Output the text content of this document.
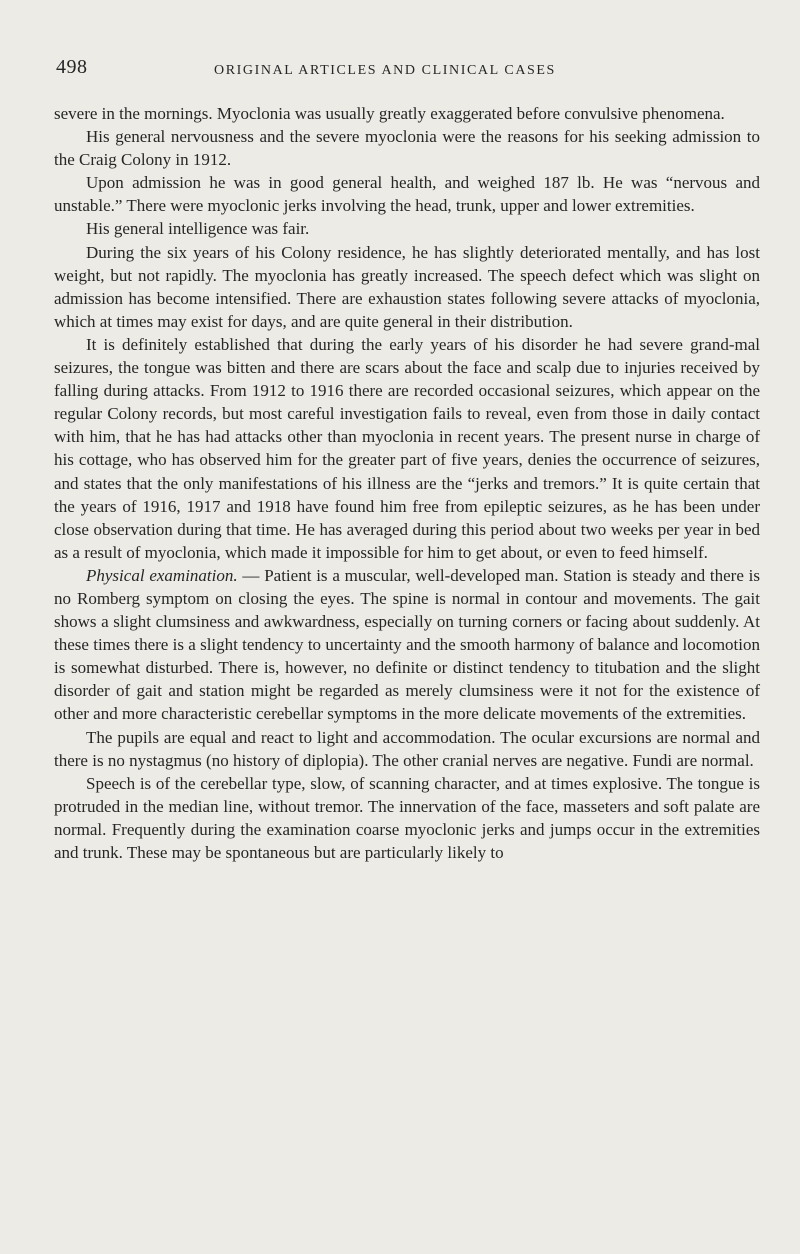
498	ORIGINAL ARTICLES AND CLINICAL CASES

severe in the mornings. Myoclonia was usually greatly exaggerated before convulsive phenomena.

His general nervousness and the severe myoclonia were the reasons for his seeking admission to the Craig Colony in 1912.

Upon admission he was in good general health, and weighed 187 lb. He was “nervous and unstable.” There were myoclonic jerks involving the head, trunk, upper and lower extremities.

His general intelligence was fair.

During the six years of his Colony residence, he has slightly deteriorated mentally, and has lost weight, but not rapidly. The myoclonia has greatly increased. The speech defect which was slight on admission has become intensified. There are exhaustion states following severe attacks of myoclonia, which at times may exist for days, and are quite general in their distribution.

It is definitely established that during the early years of his disorder he had severe grand-mal seizures, the tongue was bitten and there are scars about the face and scalp due to injuries received by falling during attacks. From 1912 to 1916 there are recorded occasional seizures, which appear on the regular Colony records, but most careful investigation fails to reveal, even from those in daily contact with him, that he has had attacks other than myoclonia in recent years. The present nurse in charge of his cottage, who has observed him for the greater part of five years, denies the occurrence of seizures, and states that the only manifestations of his illness are the “jerks and tremors.” It is quite certain that the years of 1916, 1917 and 1918 have found him free from epileptic seizures, as he has been under close observation during that time. He has averaged during this period about two weeks per year in bed as a result of myoclonia, which made it impossible for him to get about, or even to feed himself.

Physical examination. — Patient is a muscular, well-developed man. Station is steady and there is no Romberg symptom on closing the eyes. The spine is normal in contour and movements. The gait shows a slight clumsiness and awkwardness, especially on turning corners or facing about suddenly. At these times there is a slight tendency to uncertainty and the smooth harmony of balance and locomotion is somewhat disturbed. There is, however, no definite or distinct tendency to titubation and the slight disorder of gait and station might be regarded as merely clumsiness were it not for the existence of other and more characteristic cerebellar symptoms in the more delicate movements of the extremities.

The pupils are equal and react to light and accommodation. The ocular excursions are normal and there is no nystagmus (no history of diplopia). The other cranial nerves are negative. Fundi are normal.

Speech is of the cerebellar type, slow, of scanning character, and at times explosive. The tongue is protruded in the median line, without tremor. The innervation of the face, masseters and soft palate are normal. Frequently during the examination coarse myoclonic jerks and jumps occur in the extremities and trunk. These may be spontaneous but are particularly likely to
